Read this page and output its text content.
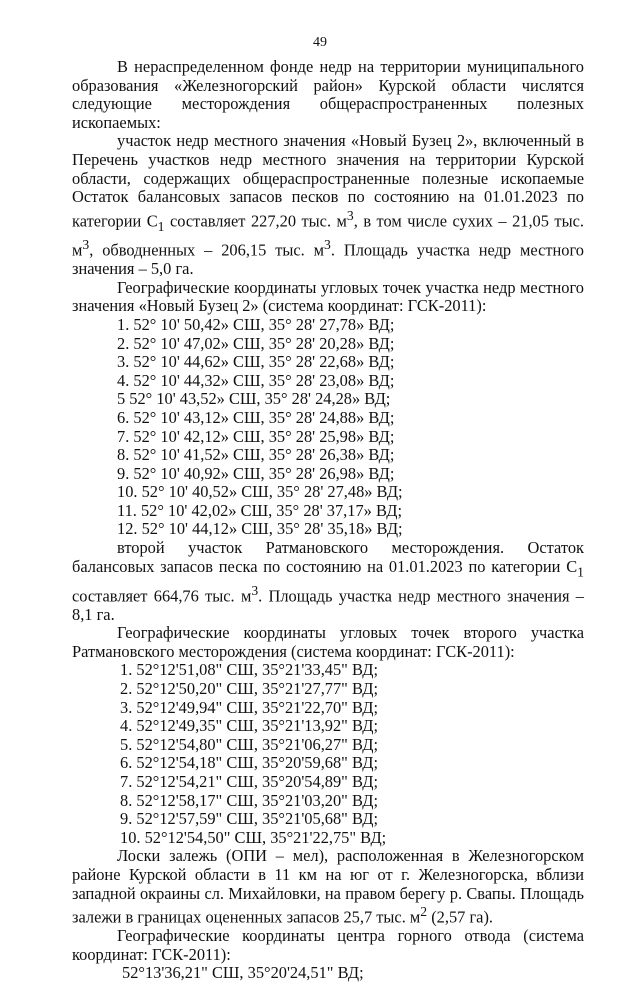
49

В нераспределенном фонде недр на территории муниципального образования «Железногорский район» Курской области числятся следующие месторождения общераспространенных полезных ископаемых:

участок недр местного значения «Новый Бузец 2», включенный в Перечень участков недр местного значения на территории Курской области, содержащих общераспространенные полезные ископаемые Остаток балансовых запасов песков по состоянию на 01.01.2023 по категории $С_1$ составляет 227,20 тыс. $м^3$, в том числе сухих – 21,05 тыс. $м^3$, обводненных – 206,15 тыс. $м^3$. Площадь участка недр местного значения – 5,0 га.

Географические координаты угловых точек участка недр местного значения «Новый Бузец 2» (система координат: ГСК-2011):

1. 52° 10' 50,42» СШ, 35° 28' 27,78» ВД;
2. 52° 10' 47,02» СШ, 35° 28' 20,28» ВД;
3. 52° 10' 44,62» СШ, 35° 28' 22,68» ВД;
4. 52° 10' 44,32» СШ, 35° 28' 23,08» ВД;
5 52° 10' 43,52» СШ, 35° 28' 24,28» ВД;
6. 52° 10' 43,12» СШ, 35° 28' 24,88» ВД;
7. 52° 10' 42,12» СШ, 35° 28' 25,98» ВД;
8. 52° 10' 41,52» СШ, 35° 28' 26,38» ВД;
9. 52° 10' 40,92» СШ, 35° 28' 26,98» ВД;
10. 52° 10' 40,52» СШ, 35° 28' 27,48» ВД;
11. 52° 10' 42,02» СШ, 35° 28' 37,17» ВД;
12. 52° 10' 44,12» СШ, 35° 28' 35,18» ВД;

второй участок Ратмановского месторождения. Остаток балансовых запасов песка по состоянию на 01.01.2023 по категории $С_1$ составляет 664,76 тыс. $м^3$. Площадь участка недр местного значения – 8,1 га.

Географические координаты угловых точек второго участка Ратмановского месторождения (система координат: ГСК-2011):

1. 52°12'51,08" СШ, 35°21'33,45" ВД;
2. 52°12'50,20" СШ, 35°21'27,77" ВД;
3. 52°12'49,94" СШ, 35°21'22,70" ВД;
4. 52°12'49,35" СШ, 35°21'13,92" ВД;
5. 52°12'54,80" СШ, 35°21'06,27" ВД;
6. 52°12'54,18" СШ, 35°20'59,68" ВД;
7. 52°12'54,21" СШ, 35°20'54,89" ВД;
8. 52°12'58,17" СШ, 35°21'03,20" ВД;
9. 52°12'57,59" СШ, 35°21'05,68" ВД;
10. 52°12'54,50" СШ, 35°21'22,75" ВД;

Лоски залежь (ОПИ – мел), расположенная в Железногорском районе Курской области в 11 км на юг от г. Железногорска, вблизи западной окраины сл. Михайловки, на правом берегу р. Свапы. Площадь залежи в границах оцененных запасов 25,7 тыс. $м^2$ (2,57 га).

Географические координаты центра горного отвода (система координат: ГСК-2011):

52°13'36,21" СШ, 35°20'24,51" ВД;
